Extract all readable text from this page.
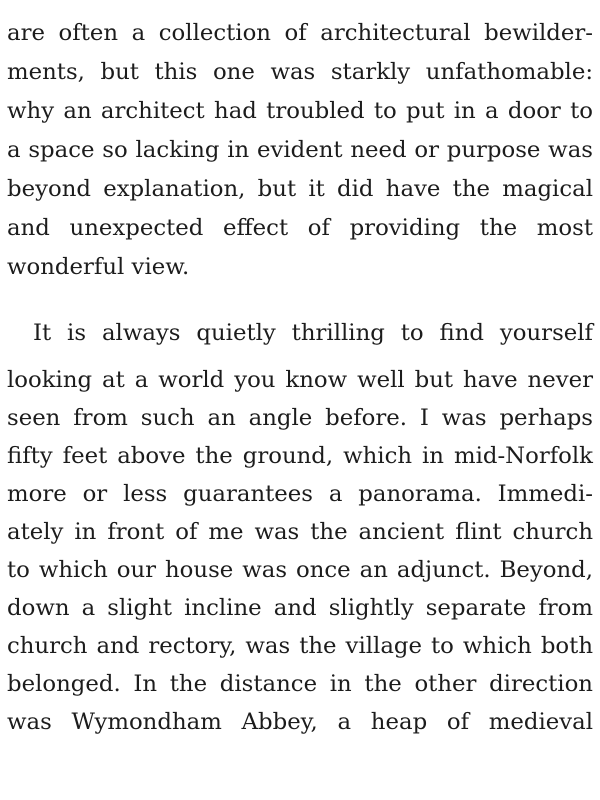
are often a collection of architectural bewilder-
ments, but this one was starkly unfathomable:
why an architect had troubled to put in a door to
a space so lacking in evident need or purpose was
beyond explanation, but it did have the magical
and unexpected effect of providing the most
wonderful view.
It is always quietly thrilling to find yourself
looking at a world you know well but have never
seen from such an angle before. I was perhaps
fifty feet above the ground, which in mid-Norfolk
more or less guarantees a panorama. Immedi-
ately in front of me was the ancient flint church
to which our house was once an adjunct. Beyond,
down a slight incline and slightly separate from
church and rectory, was the village to which both
belonged. In the distance in the other direction
was Wymondham Abbey, a heap of medieval
